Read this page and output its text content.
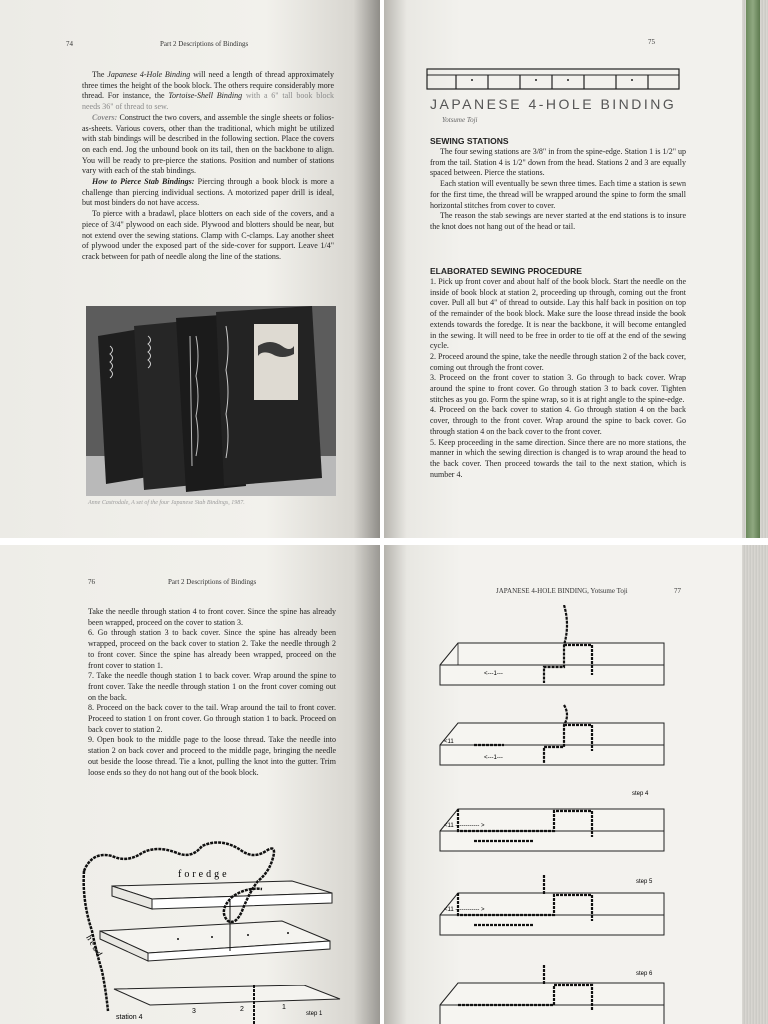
74	Part 2 Descriptions of Bindings

The Japanese 4-Hole Binding will need a length of thread approximately three times the height of the book block. The others require considerably more thread. For instance, the Tortoise-Shell Binding with a 6" tall book block needs 36" of thread to sew.

Covers: Construct the two covers, and assemble the single sheets or folios-as-sheets. Various covers, other than the traditional, which might be utilized with stab bindings will be described in the following section. Place the covers on each end. Jog the unbound book on its tail, then on the backbone to align. You will be ready to pre-pierce the stations. Position and number of stations vary with each of the stab bindings.

How to Pierce Stab Bindings: Piercing through a book block is more a challenge than piercing individual sections. A motorized paper drill is ideal, but most binders do not have access.

To pierce with a bradawl, place blotters on each side of the covers, and a piece of 3/4" plywood on each side. Plywood and blotters should be near, but not extend over the sewing stations. Clamp with C-clamps. Lay another sheet of plywood under the exposed part of the side-cover for support. Leave 1/4" crack between for path of needle along the line of the stations.

Anne Castrodale, A set of the four Japanese Stab Bindings, 1987.
75
JAPANESE 4-HOLE BINDING
Yotsume Toji
SEWING STATIONS

The four sewing stations are 3/8" in from the spine-edge. Station 1 is 1/2" up from the tail. Station 4 is 1/2" down from the head. Stations 2 and 3 are equally spaced between. Pierce the stations.

Each station will eventually be sewn three times. Each time a station is sewn for the first time, the thread will be wrapped around the spine to form the small horizontal stitches from cover to cover.

The reason the stab sewings are never started at the end stations is to insure the knot does not hang out of the head or tail.

ELABORATED SEWING PROCEDURE

1. Pick up front cover and about half of the book block. Start the needle on the inside of book block at station 2, proceeding up through, coming out the front cover. Pull all but 4" of thread to outside. Lay this half back in position on top of the remainder of the book block. Make sure the loose thread inside the book extends towards the foredge. It is near the backbone, it will become entangled in the sewing. It will need to be free in order to tie off at the end of the sewing cycle.

2. Proceed around the spine, take the needle through station 2 of the back cover, coming out through the front cover.

3. Proceed on the front cover to station 3. Go through to back cover. Wrap around the spine to front cover. Go through station 3 to back cover. Tighten stitches as you go. Form the spine wrap, so it is at right angle to the spine-edge.

4. Proceed on the back cover to station 4. Go through station 4 on the back cover, through to the front cover. Wrap around the spine to back cover. Go through station 4 on the back cover to the front cover.

5. Keep proceeding in the same direction. Since there are no more stations, the manner in which the sewing direction is changed is to wrap around the head to the back cover. Then proceed towards the tail to the next station, which is number 4.

76	Part 2 Descriptions of Bindings

Take the needle through station 4 to front cover. Since the spine has already been wrapped, proceed on the cover to station 3.

6. Go through station 3 to back cover. Since the spine has already been wrapped, proceed on the back cover to station 2. Take the needle through 2 to front cover. Since the spine has already been wrapped, proceed on the front cover to station 1.

7. Take the needle though station 1 to back cover. Wrap around the spine to front cover. Take the needle through station 1 on the front cover coming out on the back.

8. Proceed on the back cover to the tail. Wrap around the tail to front cover. Proceed to station 1 on front cover. Go through station 1 to back. Proceed on back cover to station 2.

9. Open book to the middle page to the loose thread. Take the needle into station 2 on back cover and proceed to the middle page, bringing the needle out beside the loose thread. Tie a knot, pulling the knot into the gutter. Trim loose ends so they do not hang out of the book block.

foredge
head
station 4
3	2	1
step 1
JAPANESE 4-HOLE BINDING, Yotsume Toji	77
<---1---
<11
<---1---
step 4
<11 ------------ >
step 5
<11 ------------ >
step 6
